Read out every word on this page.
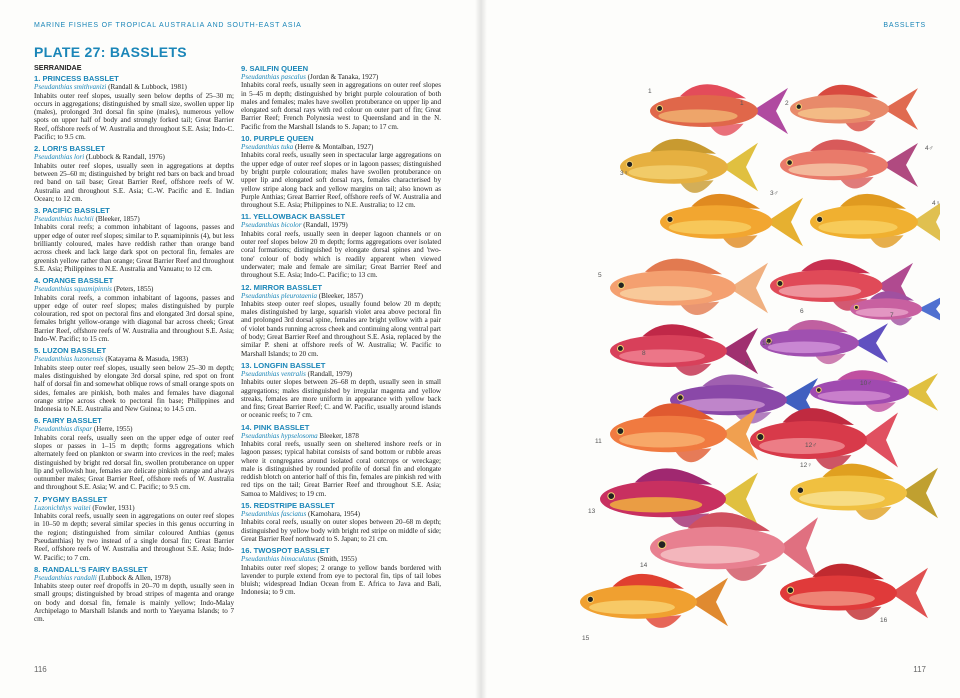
MARINE FISHES OF TROPICAL AUSTRALIA AND SOUTH-EAST ASIA	BASSLETS
PLATE 27: BASSLETS
SERRANIDAE
1. PRINCESS BASSLET
Pseudanthias smithvanizi (Randall & Lubbock, 1981)
Inhabits outer reef slopes, usually seen below depths of 25–30 m; occurs in aggregations; distinguished by small size, swollen upper lip (males), prolonged 3rd dorsal fin spine (males), numerous yellow spots on upper half of body and strongly forked tail; Great Barrier Reef, offshore reefs of W. Australia and throughout S.E. Asia; Indo-C. Pacific; to 9.5 cm.
2. LORI'S BASSLET
Pseudanthias lori (Lubbock & Randall, 1976)
Inhabits outer reef slopes, usually seen in aggregations at depths between 25–60 m; distinguished by bright red bars on back and broad red band on tail base; Great Barrier Reef, offshore reefs of W. Australia and throughout S.E. Asia; C.-W. Pacific and E. Indian Ocean; to 12 cm.
3. PACIFIC BASSLET
Pseudanthias huchtii (Bleeker, 1857)
Inhabits coral reefs; a common inhabitant of lagoons, passes and upper edge of outer reef slopes; similar to P. squamipinnis (4), but less brilliantly coloured, males have reddish rather than orange band across cheek and lack large dark spot on pectoral fin, females are greenish yellow rather than orange; Great Barrier Reef and throughout S.E. Asia; Philippines to N.E. Australia and Vanuatu; to 12 cm.
4. ORANGE BASSLET
Pseudanthias squamipinnis (Peters, 1855)
Inhabits coral reefs, a common inhabitant of lagoons, passes and upper edge of outer reef slopes; males distinguished by purple colouration, red spot on pectoral fins and elongated 3rd dorsal spine, females bright yellow-orange with diagonal bar across cheek; Great Barrier Reef, offshore reefs of W. Australia and throughout S.E. Asia; Indo-W. Pacific; to 15 cm.
5. LUZON BASSLET
Pseudanthias luzonensis (Katayama & Masuda, 1983)
Inhabits steep outer reef slopes, usually seen below 25–30 m depth; males distinguished by elongate 3rd dorsal spine, red spot on front half of dorsal fin and somewhat oblique rows of small orange spots on sides, females are pinkish, both males and females have diagonal orange stripe across cheek to pectoral fin base; Philippines and Indonesia to N.E. Australia and New Guinea; to 14.5 cm.
6. FAIRY BASSLET
Pseudanthias dispar (Herre, 1955)
Inhabits coral reefs, usually seen on the upper edge of outer reef slopes or passes in 1–15 m depth; forms aggregations which alternately feed on plankton or swarm into crevices in the reef; males distinguished by bright red dorsal fin, swollen protuberance on upper lip and yellowish hue, females are delicate pinkish orange and always outnumber males; Great Barrier Reef, offshore reefs of W. Australia and throughout S.E. Asia; W. and C. Pacific; to 9.5 cm.
7. PYGMY BASSLET
Luzonichthys waitei (Fowler, 1931)
Inhabits coral reefs, usually seen in aggregations on outer reef slopes in 10–50 m depth; several similar species in this genus occurring in the region; distinguished from similar coloured Anthias (genus Pseudanthias) by two instead of a single dorsal fin; Great Barrier Reef, offshore reefs of W. Australia and throughout S.E. Asia; Indo-W. Pacific; to 7 cm.
8. RANDALL'S FAIRY BASSLET
Pseudanthias randalli (Lubbock & Allen, 1978)
Inhabits steep outer reef dropoffs in 20–70 m depth, usually seen in small groups; distinguished by broad stripes of magenta and orange on body and dorsal fin, female is mainly yellow; Indo-Malay Archipelago to Marshall Islands and north to Yaeyama Islands; to 7 cm.
9. SAILFIN QUEEN
Pseudanthias pascalus (Jordan & Tanaka, 1927)
Inhabits coral reefs, usually seen in aggregations on outer reef slopes in 5–45 m depth; distinguished by bright purple colouration of both males and females; males have swollen protuberance on upper lip and elongated soft dorsal rays with red colour on outer part of fin; Great Barrier Reef; French Polynesia west to Queensland and in the N. Pacific from the Marshall Islands to S. Japan; to 17 cm.
10. PURPLE QUEEN
Pseudanthias tuka (Herre & Montalban, 1927)
Inhabits coral reefs, usually seen in spectacular large aggregations on the upper edge of outer reef slopes or in lagoon passes; distinguished by bright purple colouration; males have swollen protuberance on upper lip and elongated soft dorsal rays, females characterised by yellow stripe along back and yellow margins on tail; also known as Purple Anthias; Great Barrier Reef, offshore reefs of W. Australia and throughout S.E. Asia; Philippines to N.E. Australia; to 12 cm.
11. YELLOWBACK BASSLET
Pseudanthias bicolor (Randall, 1979)
Inhabits coral reefs, usually seen in deeper lagoon channels or on outer reef slopes below 20 m depth; forms aggregations over isolated coral formations; distinguished by elongate dorsal spines and 'two-tone' colour of body which is readily apparent when viewed underwater; male and female are similar; Great Barrier Reef and throughout S.E. Asia; Indo-C. Pacific; to 13 cm.
12. MIRROR BASSLET
Pseudanthias pleurotaenia (Bleeker, 1857)
Inhabits steep outer reef slopes, usually found below 20 m depth; males distinguished by large, squarish violet area above pectoral fin and prolonged 3rd dorsal spine, females are bright yellow with a pair of violet bands running across cheek and continuing along ventral part of body; Great Barrier Reef and throughout S.E. Asia, replaced by the similar P. sheni at offshore reefs of W. Australia; W. Pacific to Marshall Islands; to 20 cm.
13. LONGFIN BASSLET
Pseudanthias ventralis (Randall, 1979)
Inhabits outer slopes between 26–68 m depth, usually seen in small aggregations; males distinguished by irregular magenta and yellow streaks, females are more uniform in appearance with yellow back and fins; Great Barrier Reef; C. and W. Pacific, usually around islands or oceanic reefs; to 7 cm.
14. PINK BASSLET
Pseudanthias hypselosoma Bleeker, 1878
Inhabits coral reefs, usually seen on sheltered inshore reefs or in lagoon passes; typical habitat consists of sand bottom or rubble areas where it congregates around isolated coral outcrops or wreckage; male is distinguished by rounded profile of dorsal fin and elongate reddish blotch on anterior half of this fin, females are pinkish red with red tips on the tail; Great Barrier Reef and throughout S.E. Asia; Samoa to Maldives; to 19 cm.
15. REDSTRIPE BASSLET
Pseudanthias fasciatus (Kamohara, 1954)
Inhabits coral reefs, usually on outer slopes between 20–68 m depth; distinguished by yellow body with bright red stripe on middle of side; Great Barrier Reef northward to S. Japan; to 21 cm.
16. TWOSPOT BASSLET
Pseudanthias bimaculatus (Smith, 1955)
Inhabits outer reef slopes; 2 orange to yellow bands bordered with lavender to purple extend from eye to pectoral fin, tips of tail lobes bluish; widespread Indian Ocean from E. Africa to Java and Bali, Indonesia; to 9 cm.
1
1	2
3♀
3♂
4♂
4♀
5
6
7
8
9
10♀
10♂
11
12♀
12♂
13
14
15
16
116	117
